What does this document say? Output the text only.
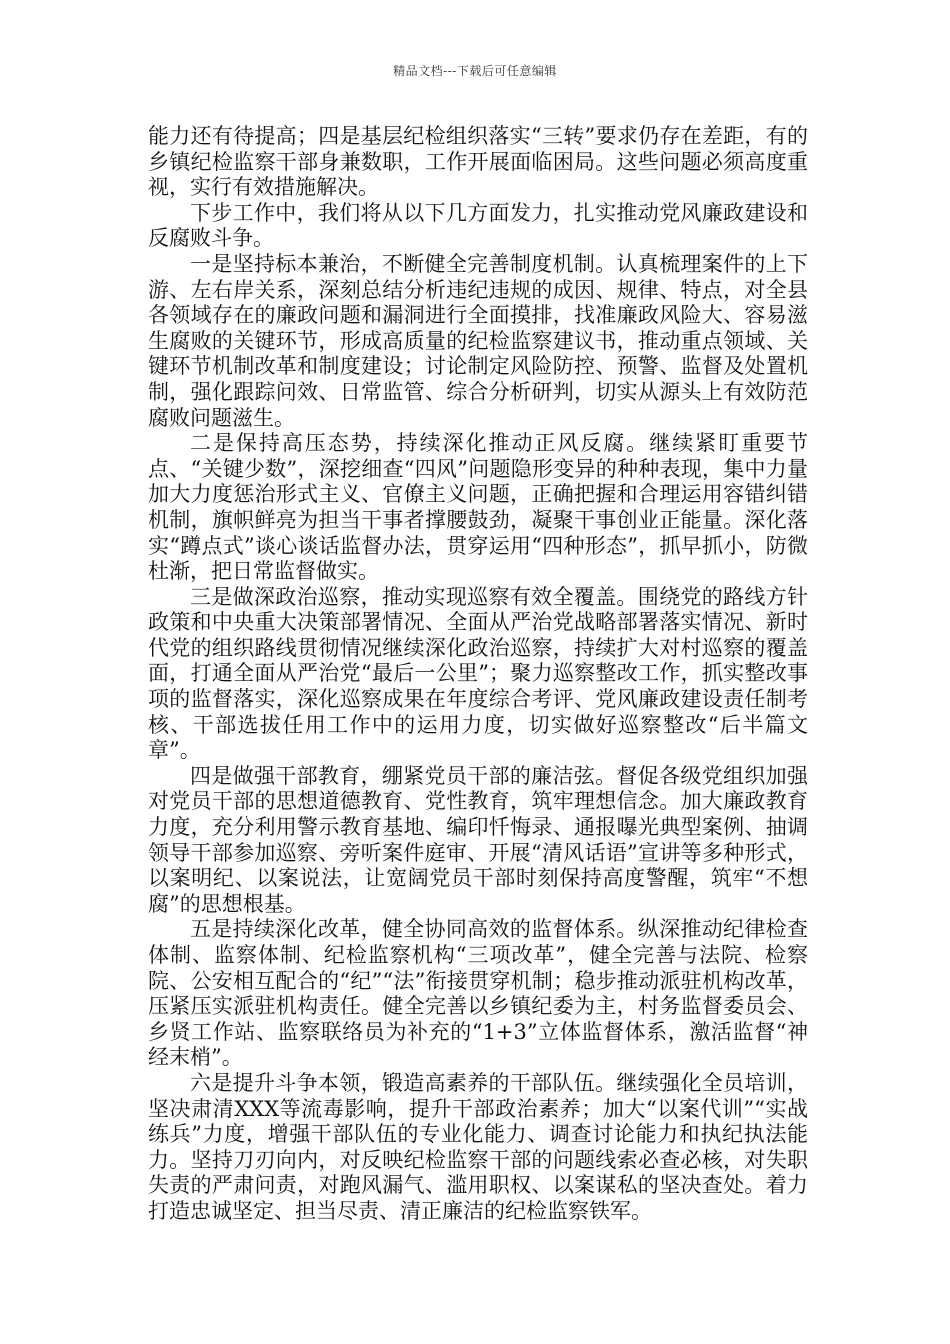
精品文档---下载后可任意编辑

能力还有待提高；四是基层纪检组织落实“三转”要求仍存在差距，有的乡镇纪检监察干部身兼数职，工作开展面临困局。这些问题必须高度重视，实行有效措施解决。

下步工作中，我们将从以下几方面发力，扎实推动党风廉政建设和反腐败斗争。

一是坚持标本兼治，不断健全完善制度机制。认真梳理案件的上下游、左右岸关系，深刻总结分析违纪违规的成因、规律、特点，对全县各领域存在的廉政问题和漏洞进行全面摸排，找准廉政风险大、容易滋生腐败的关键环节，形成高质量的纪检监察建议书，推动重点领域、关键环节机制改革和制度建设；讨论制定风险防控、预警、监督及处置机制，强化跟踪问效、日常监管、综合分析研判，切实从源头上有效防范腐败问题滋生。

二是保持高压态势，持续深化推动正风反腐。继续紧盯重要节点、“关键少数”，深挖细查“四风”问题隐形变异的种种表现，集中力量加大力度惩治形式主义、官僚主义问题，正确把握和合理运用容错纠错机制，旗帜鲜亮为担当干事者撑腰鼓劲，凝聚干事创业正能量。深化落实“蹲点式”谈心谈话监督办法，贯穿运用“四种形态”，抓早抓小，防微杜渐，把日常监督做实。

三是做深政治巡察，推动实现巡察有效全覆盖。围绕党的路线方针政策和中央重大决策部署情况、全面从严治党战略部署落实情况、新时代党的组织路线贯彻情况继续深化政治巡察，持续扩大对村巡察的覆盖面，打通全面从严治党“最后一公里”；聚力巡察整改工作，抓实整改事项的监督落实，深化巡察成果在年度综合考评、党风廉政建设责任制考核、干部选拔任用工作中的运用力度，切实做好巡察整改“后半篇文章”。

四是做强干部教育，绷紧党员干部的廉洁弦。督促各级党组织加强对党员干部的思想道德教育、党性教育，筑牢理想信念。加大廉政教育力度，充分利用警示教育基地、编印忏悔录、通报曝光典型案例、抽调领导干部参加巡察、旁听案件庭审、开展“清风话语”宣讲等多种形式，以案明纪、以案说法，让宽阔党员干部时刻保持高度警醒，筑牢“不想腐”的思想根基。

五是持续深化改革，健全协同高效的监督体系。纵深推动纪律检查体制、监察体制、纪检监察机构“三项改革”，健全完善与法院、检察院、公安相互配合的“纪”“法”衔接贯穿机制；稳步推动派驻机构改革，压紧压实派驻机构责任。健全完善以乡镇纪委为主，村务监督委员会、乡贤工作站、监察联络员为补充的“1+3”立体监督体系，激活监督“神经末梢”。

六是提升斗争本领，锻造高素养的干部队伍。继续强化全员培训，坚决肃清XXX等流毒影响，提升干部政治素养；加大“以案代训”“实战练兵”力度，增强干部队伍的专业化能力、调查讨论能力和执纪执法能力。坚持刀刃向内，对反映纪检监察干部的问题线索必查必核，对失职失责的严肃问责，对跑风漏气、滥用职权、以案谋私的坚决查处。着力打造忠诚坚定、担当尽责、清正廉洁的纪检监察铁军。
